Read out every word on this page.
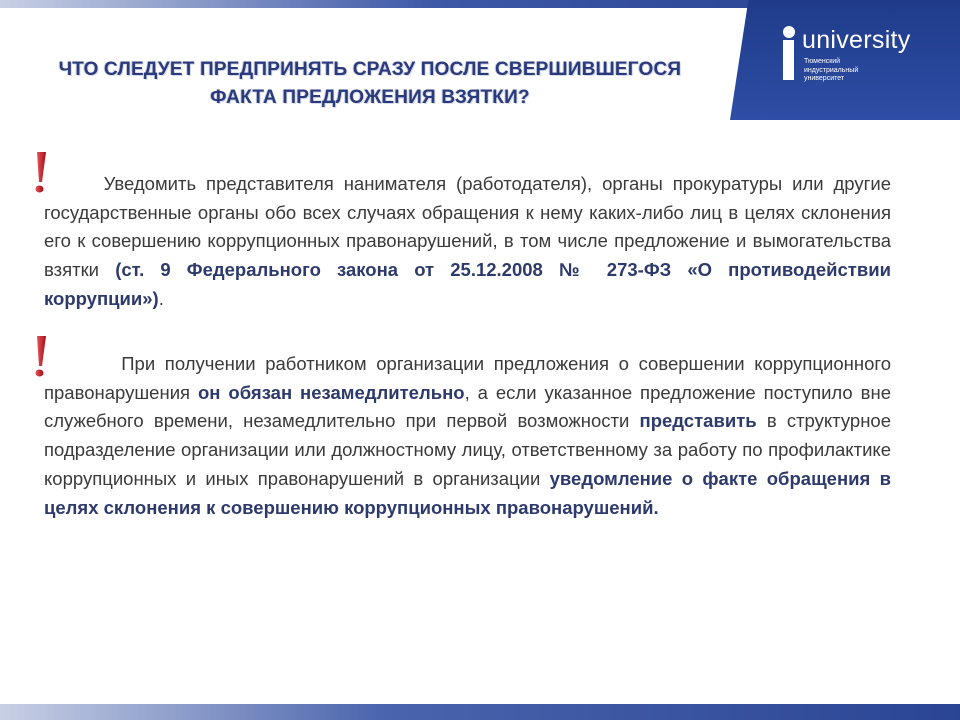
university
Тюменский
индустриальный
университет
ЧТО СЛЕДУЕТ ПРЕДПРИНЯТЬ СРАЗУ ПОСЛЕ СВЕРШИВШЕГОСЯ
ФАКТА ПРЕДЛОЖЕНИЯ ВЗЯТКИ?
Уведомить представителя нанимателя (работодателя), органы прокуратуры или другие государственные органы обо всех случаях обращения к нему каких-либо лиц в целях склонения его к совершению коррупционных правонарушений, в том числе предложение и вымогательства взятки (ст. 9 Федерального закона от 25.12.2008 № 273-ФЗ «О противодействии коррупции»).
При получении работником организации предложения о совершении коррупционного правонарушения он обязан незамедлительно, а если указанное предложение поступило вне служебного времени, незамедлительно при первой возможности представить в структурное подразделение организации или должностному лицу, ответственному за работу по профилактике коррупционных и иных правонарушений в организации уведомление о факте обращения в целях склонения к совершению коррупционных правонарушений.
